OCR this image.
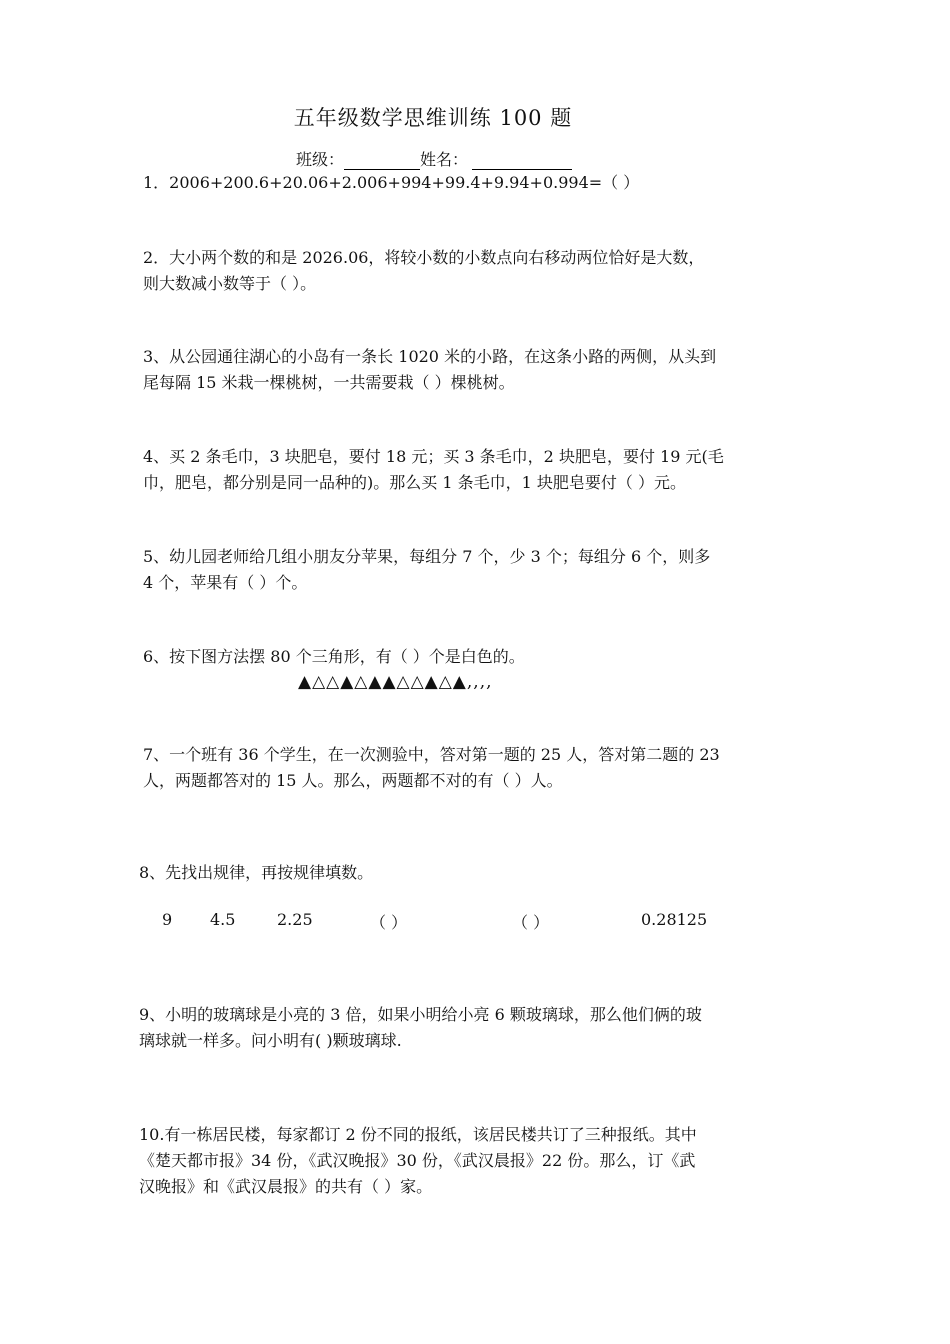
五年级数学思维训练 100 题
班级：	姓名：
1．2006+200.6+20.06+2.006+994+99.4+9.94+0.994=（ ）
2．大小两个数的和是 2026.06，将较小数的小数点向右移动两位恰好是大数，
则大数减小数等于（ ）。
3、从公园通往湖心的小岛有一条长 1020 米的小路，在这条小路的两侧，从头到
尾每隔 15 米栽一棵桃树，一共需要栽（ ）棵桃树。
4、买 2 条毛巾，3 块肥皂，要付 18 元；买 3 条毛巾，2 块肥皂，要付 19 元(毛
巾，肥皂，都分别是同一品种的)。那么买 1 条毛巾，1 块肥皂要付（ ）元。
5、幼儿园老师给几组小朋友分苹果，每组分 7 个，少 3 个；每组分 6 个，则多
4 个，苹果有（ ）个。
6、按下图方法摆 80 个三角形，有（ ）个是白色的。
▲△△▲△▲▲△△▲△▲,,,,
7、一个班有 36 个学生，在一次测验中，答对第一题的 25 人，答对第二题的 23
人，两题都答对的 15 人。那么，两题都不对的有（ ）人。
8、先找出规律，再按规律填数。
9 4.5	2.25	（ ）	（ ）	0.28125
9、小明的玻璃球是小亮的 3 倍，如果小明给小亮 6 颗玻璃球，那么他们俩的玻
璃球就一样多。问小明有( )颗玻璃球.
10.有一栋居民楼，每家都订 2 份不同的报纸，该居民楼共订了三种报纸。其中
《楚天都市报》34 份，《武汉晚报》30 份，《武汉晨报》22 份。那么，订《武
汉晚报》和《武汉晨报》的共有（ ）家。
